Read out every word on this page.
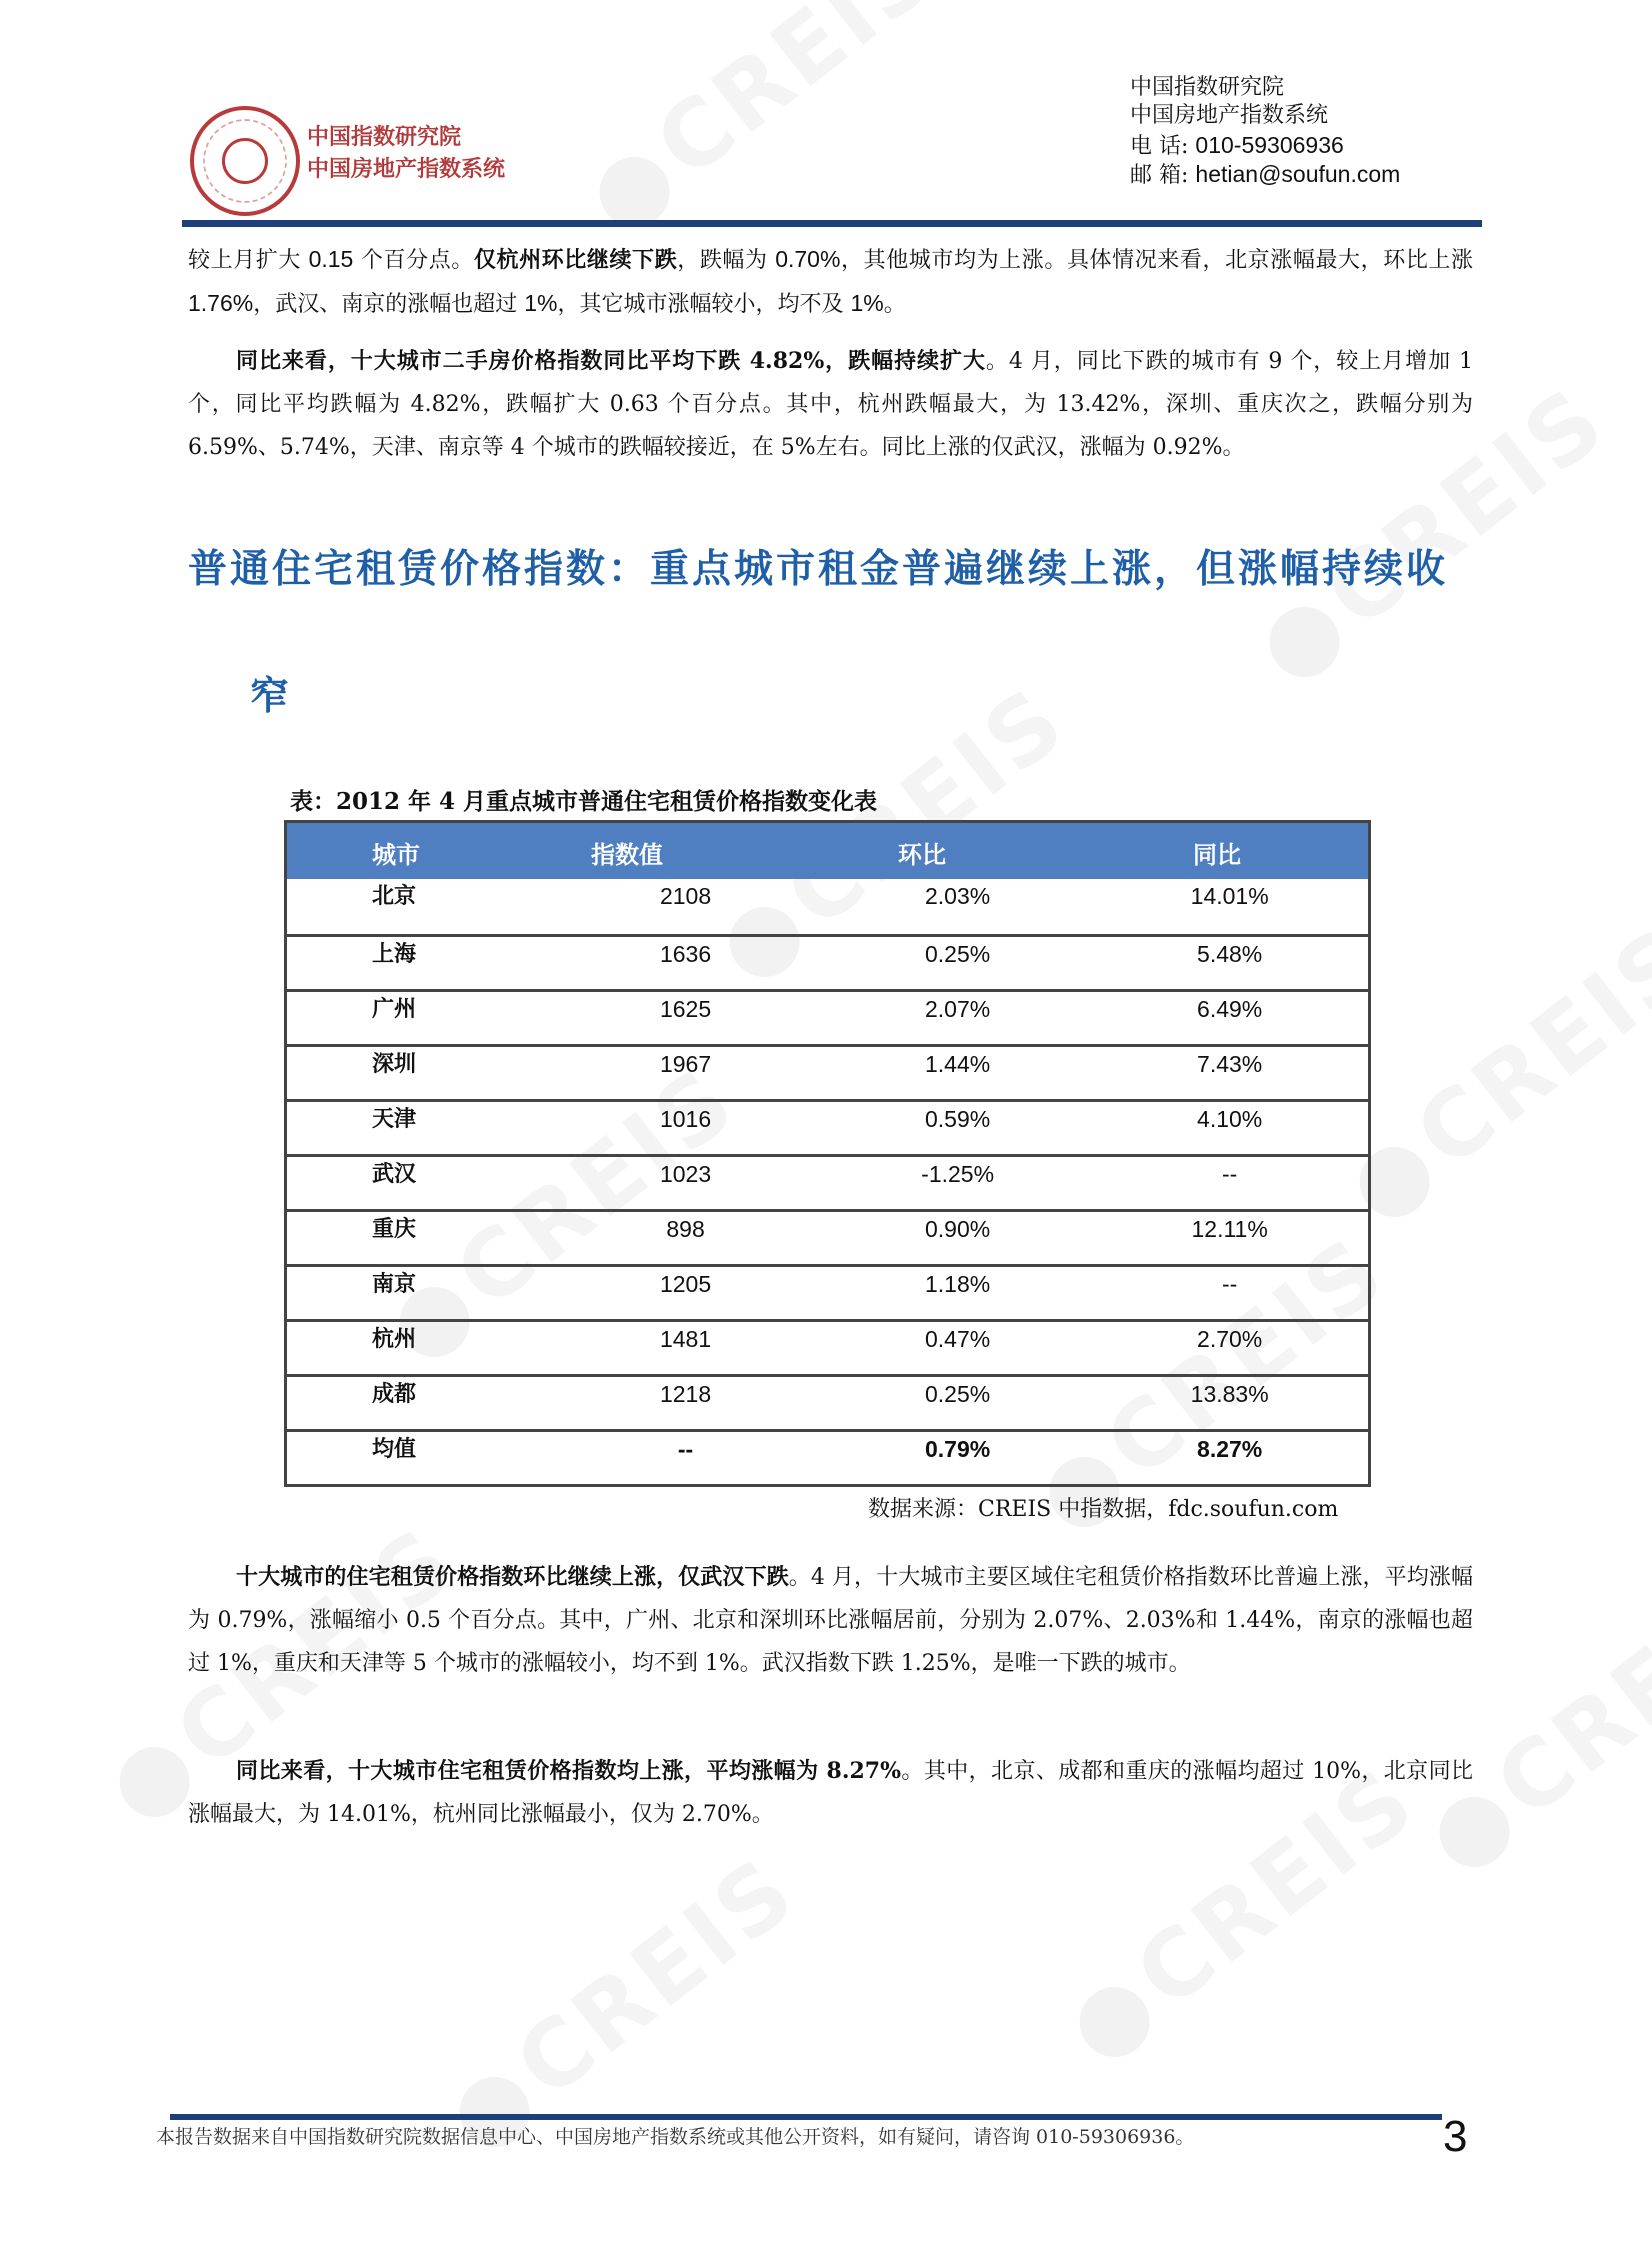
中国指数研究院
中国房地产指数系统
中国指数研究院
中国房地产指数系统
电 话: 010-59306936
邮 箱: hetian@soufun.com
较上月扩大 0.15 个百分点。仅杭州环比继续下跌，跌幅为 0.70%，其他城市均为上涨。具体情况来看，北京涨幅最大，环比上涨 1.76%，武汉、南京的涨幅也超过 1%，其它城市涨幅较小，均不及 1%。
同比来看，十大城市二手房价格指数同比平均下跌 4.82%，跌幅持续扩大。4 月，同比下跌的城市有 9 个，较上月增加 1 个，同比平均跌幅为 4.82%，跌幅扩大 0.63 个百分点。其中，杭州跌幅最大，为 13.42%，深圳、重庆次之，跌幅分别为 6.59%、5.74%，天津、南京等 4 个城市的跌幅较接近，在 5%左右。同比上涨的仅武汉，涨幅为 0.92%。
普通住宅租赁价格指数：重点城市租金普遍继续上涨，但涨幅持续收
窄
表：2012 年 4 月重点城市普通住宅租赁价格指数变化表
城市	指数值	环比	同比
北京	2108	2.03%	14.01%
上海	1636	0.25%	5.48%
广州	1625	2.07%	6.49%
深圳	1967	1.44%	7.43%
天津	1016	0.59%	4.10%
武汉	1023	-1.25%	--
重庆	898	0.90%	12.11%
南京	1205	1.18%	--
杭州	1481	0.47%	2.70%
成都	1218	0.25%	13.83%
均值	--	0.79%	8.27%
数据来源：CREIS 中指数据，fdc.soufun.com
十大城市的住宅租赁价格指数环比继续上涨，仅武汉下跌。4 月，十大城市主要区域住宅租赁价格指数环比普遍上涨，平均涨幅为 0.79%，涨幅缩小 0.5 个百分点。其中，广州、北京和深圳环比涨幅居前，分别为 2.07%、2.03%和 1.44%，南京的涨幅也超过 1%，重庆和天津等 5 个城市的涨幅较小，均不到 1%。武汉指数下跌 1.25%，是唯一下跌的城市。
同比来看，十大城市住宅租赁价格指数均上涨，平均涨幅为 8.27%。其中，北京、成都和重庆的涨幅均超过 10%，北京同比涨幅最大，为 14.01%，杭州同比涨幅最小，仅为 2.70%。
本报告数据来自中国指数研究院数据信息中心、中国房地产指数系统或其他公开资料，如有疑问，请咨询 010-59306936。	3
